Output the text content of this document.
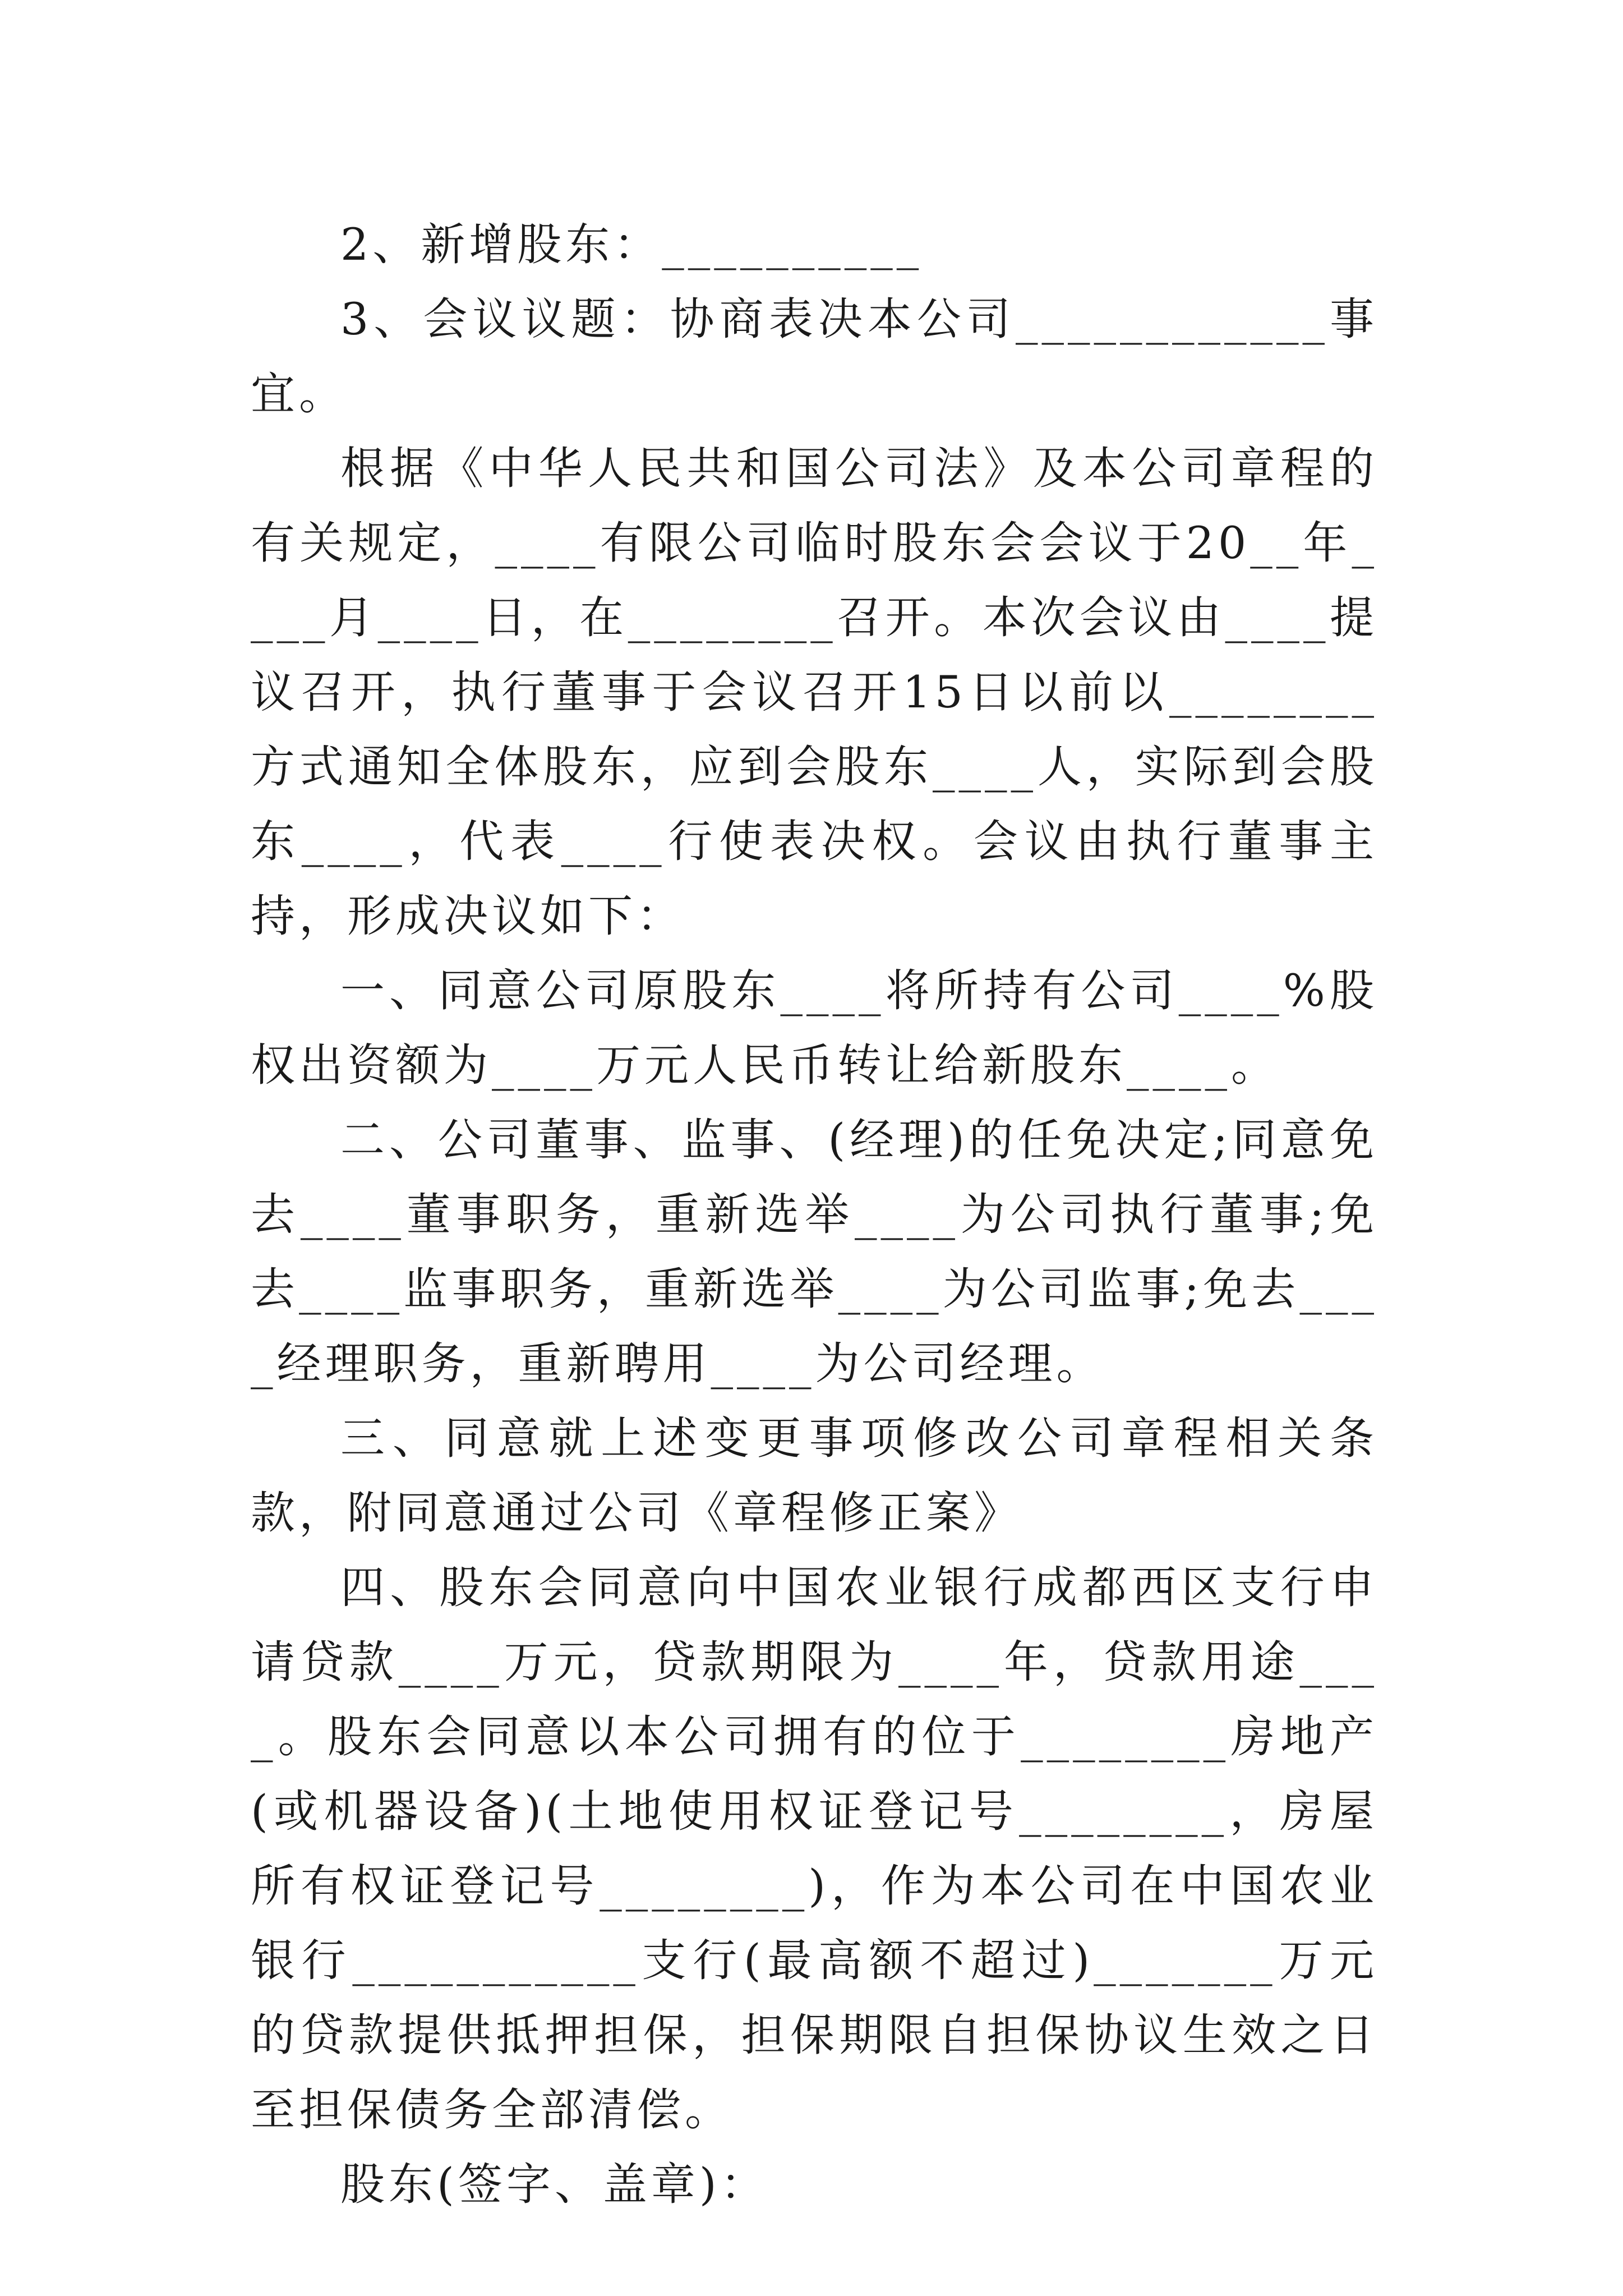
2、新增股东：__________

3、会议议题：协商表决本公司____________事宜。

根据《中华人民共和国公司法》及本公司章程的有关规定，____有限公司临时股东会会议于20__年____月____日，在________召开。本次会议由____提议召开，执行董事于会议召开15日以前以________方式通知全体股东，应到会股东____人，实际到会股东____，代表____行使表决权。会议由执行董事主持，形成决议如下：

一、同意公司原股东____将所持有公司____%股权出资额为____万元人民币转让给新股东____。

二、公司董事、监事、(经理)的任免决定;同意免去____董事职务，重新选举____为公司执行董事;免去____监事职务，重新选举____为公司监事;免去____经理职务，重新聘用____为公司经理。

三、同意就上述变更事项修改公司章程相关条款，附同意通过公司《章程修正案》

四、股东会同意向中国农业银行成都西区支行申请贷款____万元，贷款期限为____年，贷款用途____。股东会同意以本公司拥有的位于________房地产(或机器设备)(土地使用权证登记号________，房屋所有权证登记号________)，作为本公司在中国农业银行___________支行(最高额不超过)_______万元的贷款提供抵押担保，担保期限自担保协议生效之日至担保债务全部清偿。

股东(签字、盖章)：
